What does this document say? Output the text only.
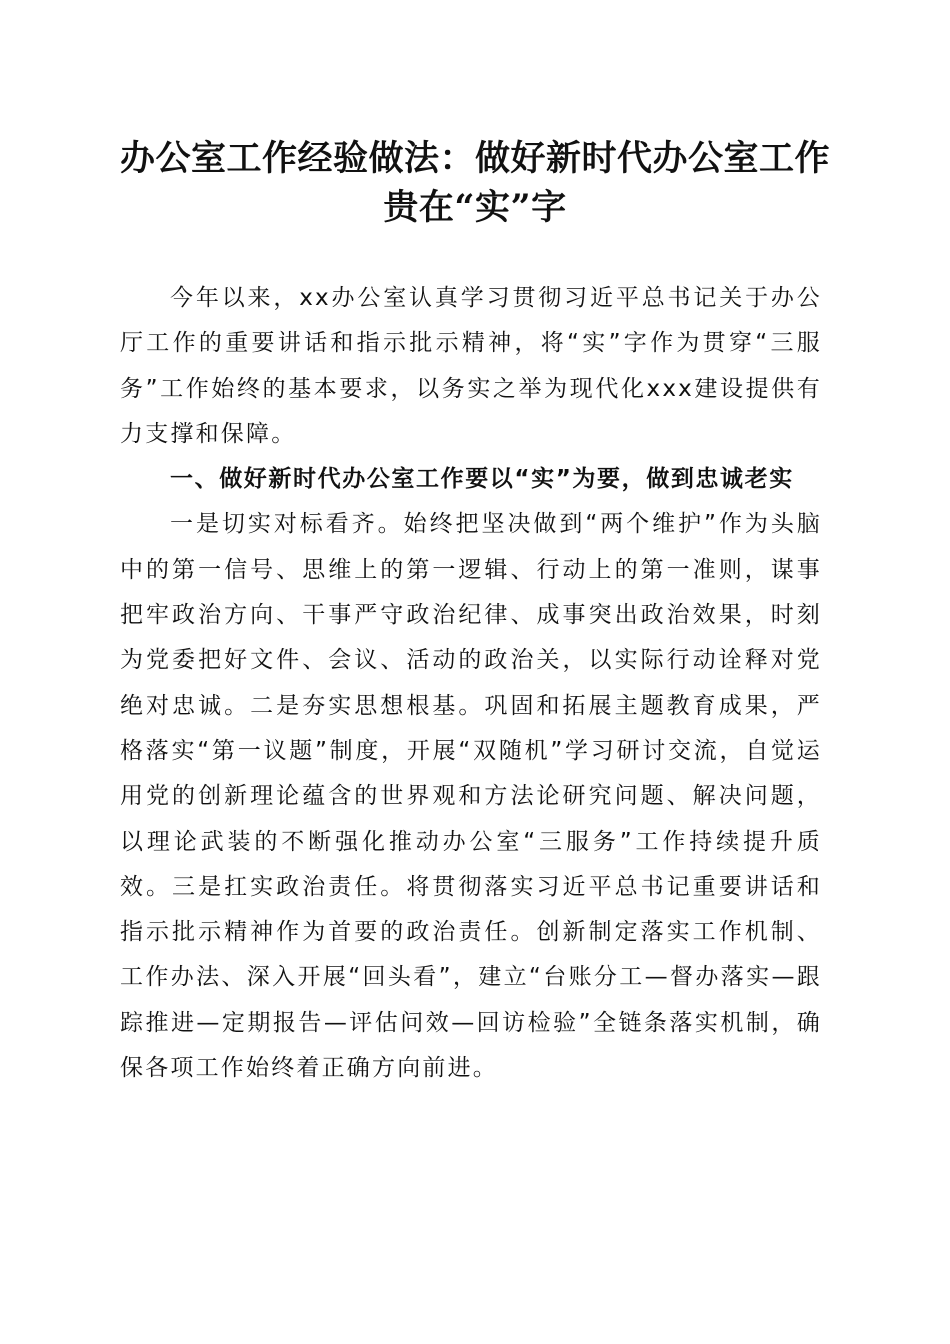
办公室工作经验做法：做好新时代办公室工作
贵在“实”字

今年以来，xx办公室认真学习贯彻习近平总书记关于办公厅工作的重要讲话和指示批示精神，将“实”字作为贯穿“三服务”工作始终的基本要求，以务实之举为现代化xxx建设提供有力支撑和保障。

一、做好新时代办公室工作要以“实”为要，做到忠诚老实

一是切实对标看齐。始终把坚决做到“两个维护”作为头脑中的第一信号、思维上的第一逻辑、行动上的第一准则，谋事把牢政治方向、干事严守政治纪律、成事突出政治效果，时刻为党委把好文件、会议、活动的政治关，以实际行动诠释对党绝对忠诚。二是夯实思想根基。巩固和拓展主题教育成果，严格落实“第一议题”制度，开展“双随机”学习研讨交流，自觉运用党的创新理论蕴含的世界观和方法论研究问题、解决问题，以理论武装的不断强化推动办公室“三服务”工作持续提升质效。三是扛实政治责任。将贯彻落实习近平总书记重要讲话和指示批示精神作为首要的政治责任。创新制定落实工作机制、工作办法、深入开展“回头看”，建立“台账分工—督办落实—跟踪推进—定期报告—评估问效—回访检验”全链条落实机制，确保各项工作始终着正确方向前进。
